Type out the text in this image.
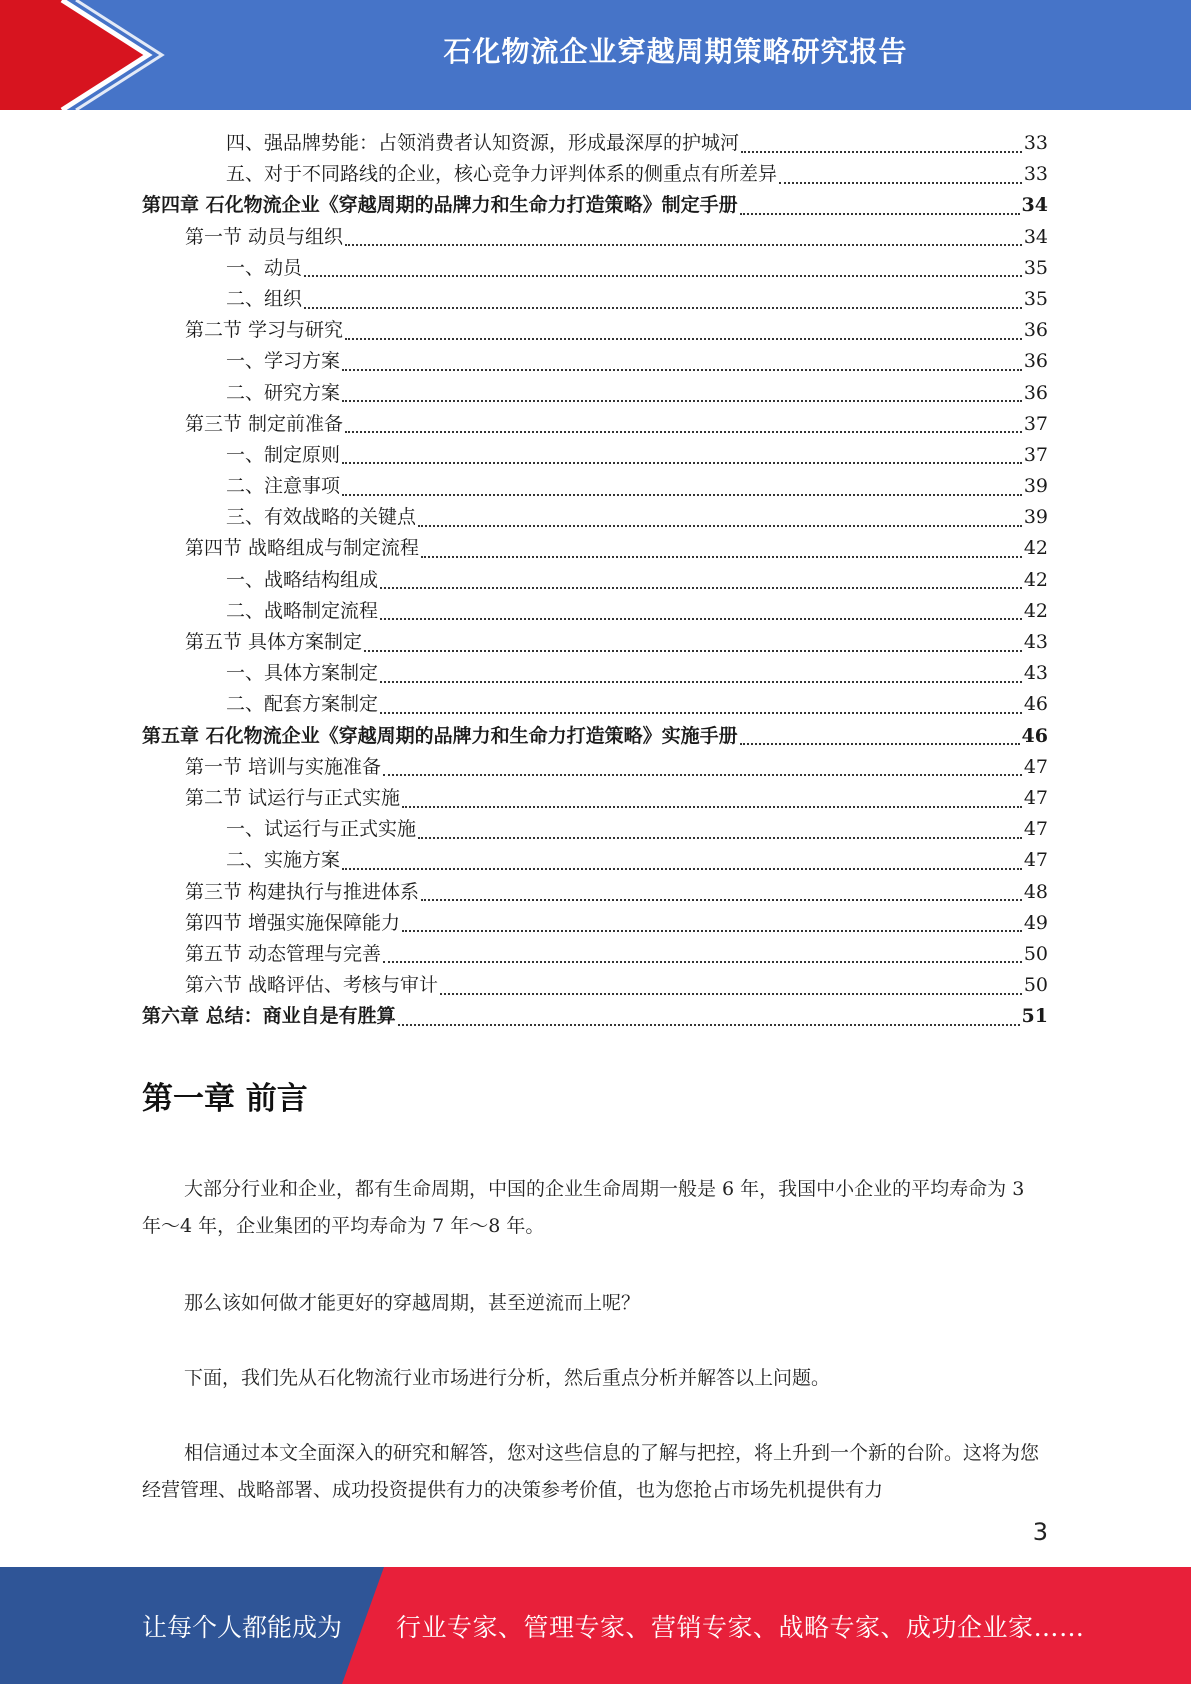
石化物流企业穿越周期策略研究报告
四、强品牌势能：占领消费者认知资源，形成最深厚的护城河	33
五、对于不同路线的企业，核心竞争力评判体系的侧重点有所差异	33
第四章 石化物流企业《穿越周期的品牌力和生命力打造策略》制定手册	34
第一节 动员与组织	34
一、动员	35
二、组织	35
第二节 学习与研究	36
一、学习方案	36
二、研究方案	36
第三节 制定前准备	37
一、制定原则	37
二、注意事项	39
三、有效战略的关键点	39
第四节 战略组成与制定流程	42
一、战略结构组成	42
二、战略制定流程	42
第五节 具体方案制定	43
一、具体方案制定	43
二、配套方案制定	46
第五章 石化物流企业《穿越周期的品牌力和生命力打造策略》实施手册	46
第一节 培训与实施准备	47
第二节 试运行与正式实施	47
一、试运行与正式实施	47
二、实施方案	47
第三节 构建执行与推进体系	48
第四节 增强实施保障能力	49
第五节 动态管理与完善	50
第六节 战略评估、考核与审计	50
第六章 总结：商业自是有胜算	51
第一章 前言

大部分行业和企业，都有生命周期，中国的企业生命周期一般是 6 年，我国中小企业的平均寿命为 3 年～4 年，企业集团的平均寿命为 7 年～8 年。

那么该如何做才能更好的穿越周期，甚至逆流而上呢？

下面，我们先从石化物流行业市场进行分析，然后重点分析并解答以上问题。

相信通过本文全面深入的研究和解答，您对这些信息的了解与把控，将上升到一个新的台阶。这将为您经营管理、战略部署、成功投资提供有力的决策参考价值，也为您抢占市场先机提供有力

3
让每个人都能成为 行业专家、管理专家、营销专家、战略专家、成功企业家……
